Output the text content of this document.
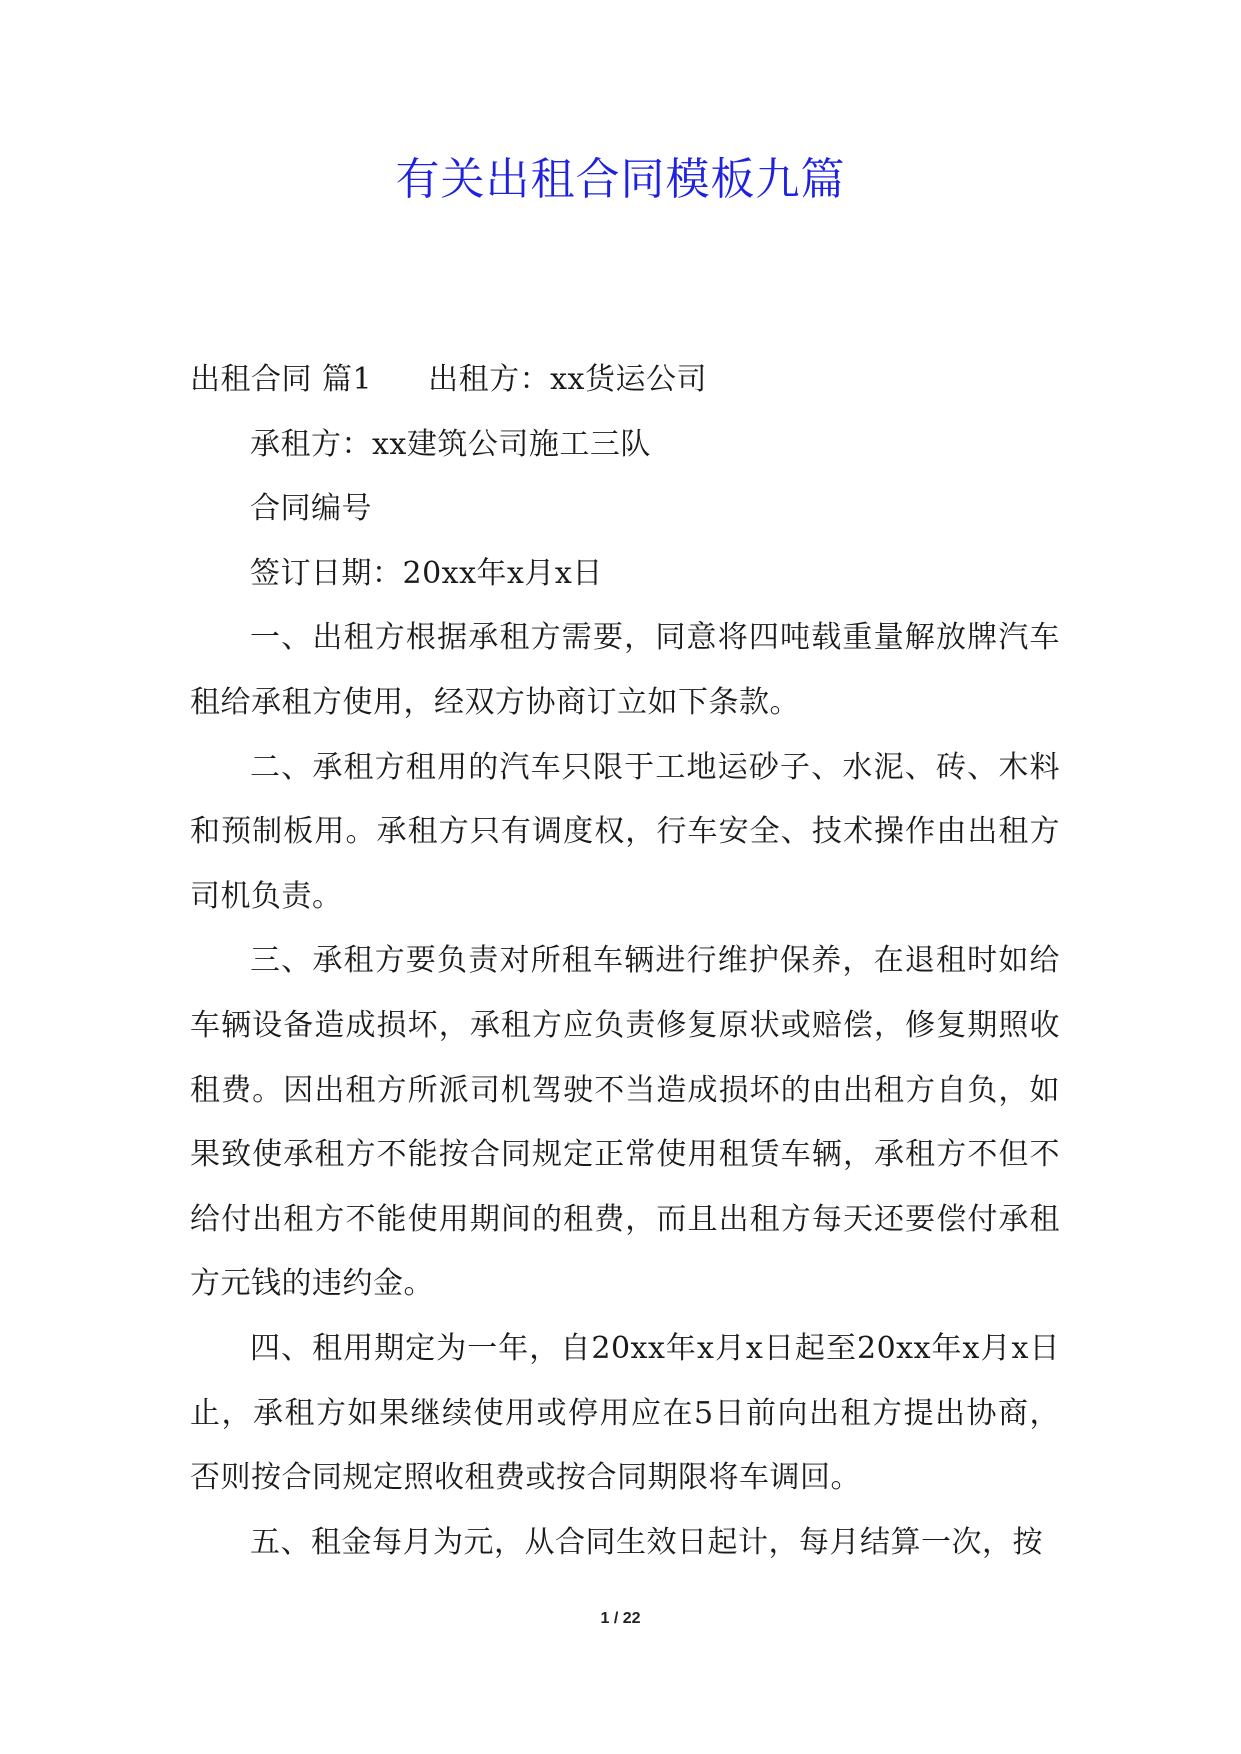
有关出租合同模板九篇

出租合同 篇1 出租方：xx货运公司

承租方：xx建筑公司施工三队

合同编号

签订日期：20xx年x月x日

一、出租方根据承租方需要，同意将四吨载重量解放牌汽车租给承租方使用，经双方协商订立如下条款。

二、承租方租用的汽车只限于工地运砂子、水泥、砖、木料和预制板用。承租方只有调度权，行车安全、技术操作由出租方司机负责。

三、承租方要负责对所租车辆进行维护保养，在退租时如给车辆设备造成损坏，承租方应负责修复原状或赔偿，修复期照收租费。因出租方所派司机驾驶不当造成损坏的由出租方自负，如果致使承租方不能按合同规定正常使用租赁车辆，承租方不但不给付出租方不能使用期间的租费，而且出租方每天还要偿付承租方元钱的违约金。

四、租用期定为一年，自20xx年x月x日起至20xx年x月x日止，承租方如果继续使用或停用应在5日前向出租方提出协商，否则按合同规定照收租费或按合同期限将车调回。

五、租金每月为元，从合同生效日起计，每月结算一次，按

1 / 22
